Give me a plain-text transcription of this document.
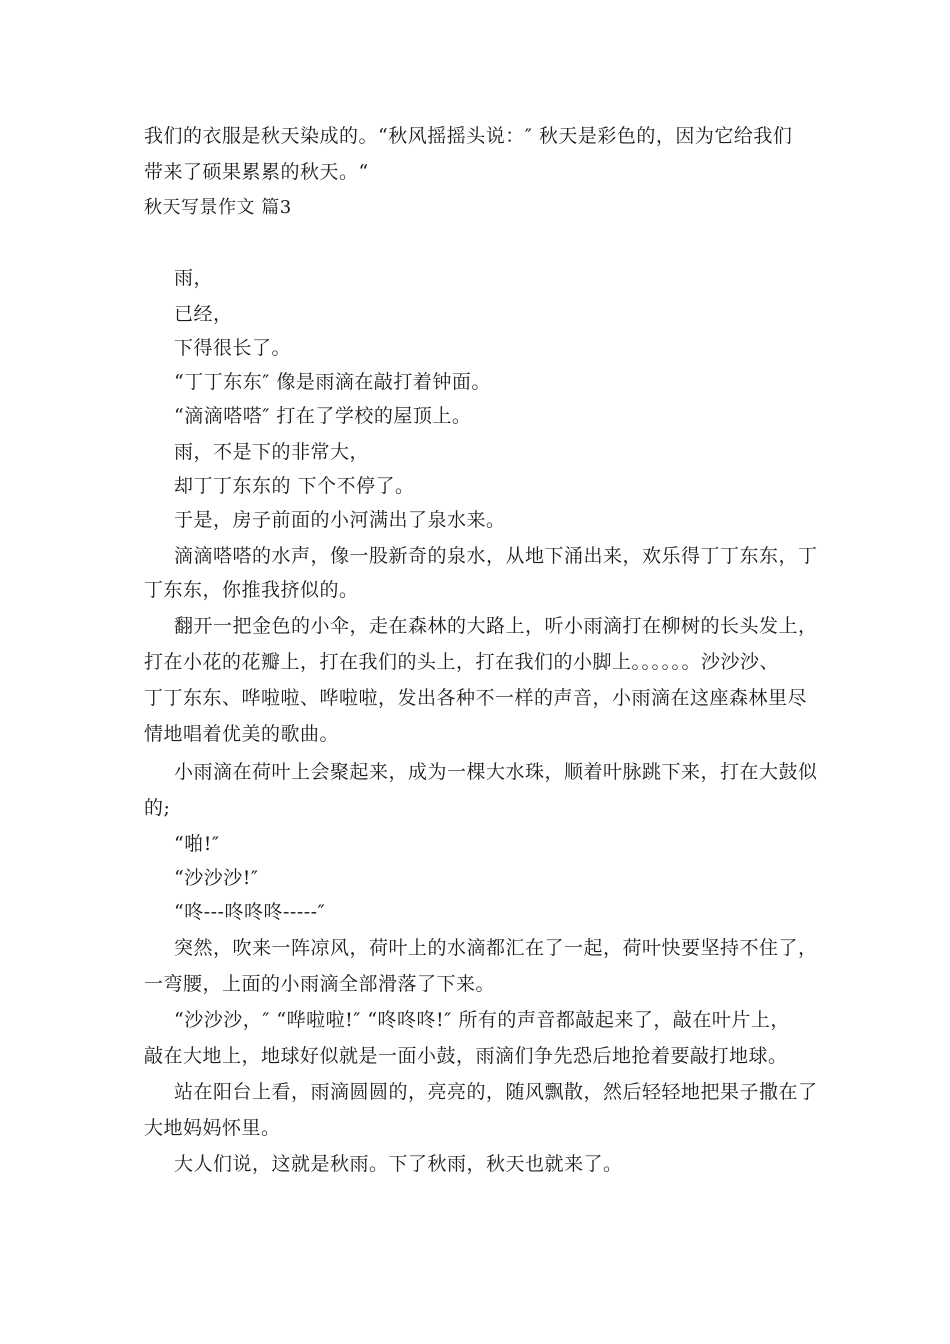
我们的衣服是秋天染成的。“秋风摇摇头说：″ 秋天是彩色的，因为它给我们
带来了硕果累累的秋天。“
秋天写景作文 篇3
雨，
已经，
下得很长了。
“丁丁东东″ 像是雨滴在敲打着钟面。
“滴滴嗒嗒″ 打在了学校的屋顶上。
雨，不是下的非常大，
却丁丁东东的 下个不停了。
于是，房子前面的小河满出了泉水来。
滴滴嗒嗒的水声，像一股新奇的泉水，从地下涌出来，欢乐得丁丁东东，丁
丁东东，你推我挤似的。
翻开一把金色的小伞，走在森林的大路上，听小雨滴打在柳树的长头发上，
打在小花的花瓣上，打在我们的头上，打在我们的小脚上。。。。。。沙沙沙、
丁丁东东、哗啦啦、哗啦啦，发出各种不一样的声音，小雨滴在这座森林里尽
情地唱着优美的歌曲。
小雨滴在荷叶上会聚起来，成为一棵大水珠，顺着叶脉跳下来，打在大鼓似
的;
“啪!″
“沙沙沙!″
“咚---咚咚咚-----″
突然，吹来一阵凉风，荷叶上的水滴都汇在了一起，荷叶快要坚持不住了，
一弯腰，上面的小雨滴全部滑落了下来。
“沙沙沙，″ “哗啦啦!″ “咚咚咚!″ 所有的声音都敲起来了，敲在叶片上，
敲在大地上，地球好似就是一面小鼓，雨滴们争先恐后地抢着要敲打地球。
站在阳台上看，雨滴圆圆的，亮亮的，随风飘散，然后轻轻地把果子撒在了
大地妈妈怀里。
大人们说，这就是秋雨。下了秋雨，秋天也就来了。
